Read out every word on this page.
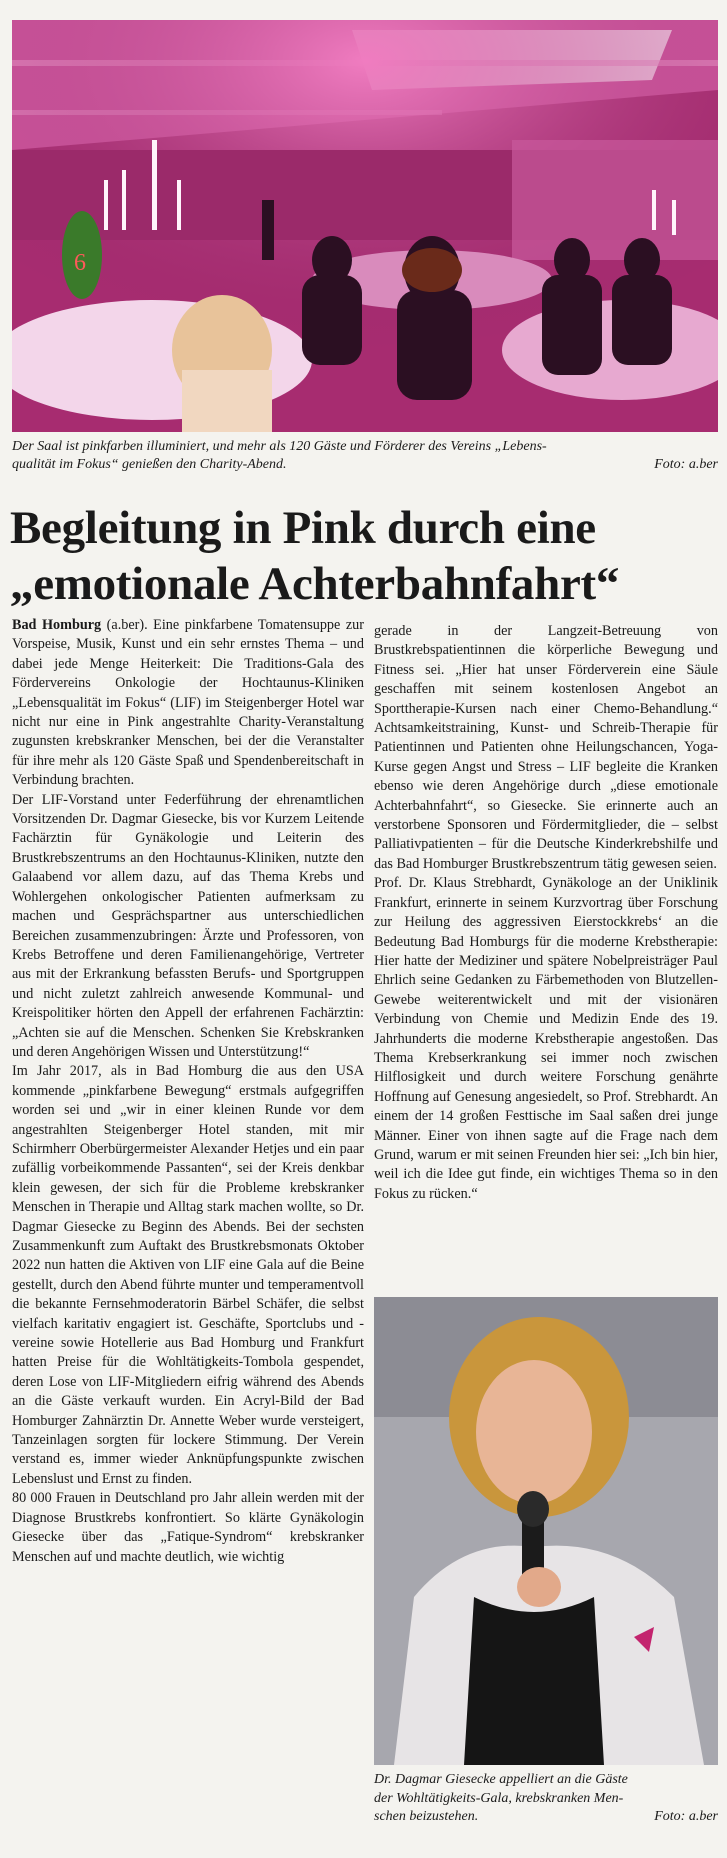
6
Der Saal ist pinkfarben illuminiert, und mehr als 120 Gäste und Förderer des Vereins „Lebens-
qualität im Fokus“ genießen den Charity-Abend.	Foto: a.ber
Begleitung in Pink durch eine
„emotionale Achterbahnfahrt“

Bad Homburg (a.ber). Eine pinkfarbene Tomatensuppe zur Vorspeise, Musik, Kunst und ein sehr ernstes Thema – und dabei jede Menge Heiterkeit: Die Traditions-Gala des Fördervereins Onkologie der Hochtaunus-Kliniken „Lebensqualität im Fokus“ (LIF) im Steigenberger Hotel war nicht nur eine in Pink angestrahlte Charity-Veranstaltung zugunsten krebskranker Menschen, bei der die Veranstalter für ihre mehr als 120 Gäste Spaß und Spendenbereitschaft in Verbindung brachten.

Der LIF-Vorstand unter Federführung der ehrenamtlichen Vorsitzenden Dr. Dagmar Giesecke, bis vor Kurzem Leitende Fachärztin für Gynäkologie und Leiterin des Brustkrebszentrums an den Hochtaunus-Kliniken, nutzte den Galaabend vor allem dazu, auf das Thema Krebs und Wohlergehen onkologischer Patienten aufmerksam zu machen und Gesprächspartner aus unterschiedlichen Bereichen zusammenzubringen: Ärzte und Professoren, von Krebs Betroffene und deren Familienangehörige, Vertreter aus mit der Erkrankung befassten Berufs- und Sportgruppen und nicht zuletzt zahlreich anwesende Kommunal- und Kreispolitiker hörten den Appell der erfahrenen Fachärztin: „Achten sie auf die Menschen. Schenken Sie Krebskranken und deren Angehörigen Wissen und Unterstützung!“

Im Jahr 2017, als in Bad Homburg die aus den USA kommende „pinkfarbene Bewegung“ erstmals aufgegriffen worden sei und „wir in einer kleinen Runde vor dem angestrahlten Steigenberger Hotel standen, mit mir Schirmherr Oberbürgermeister Alexander Hetjes und ein paar zufällig vorbeikommende Passanten“, sei der Kreis denkbar klein gewesen, der sich für die Probleme krebskranker Menschen in Therapie und Alltag stark machen wollte, so Dr. Dagmar Giesecke zu Beginn des Abends. Bei der sechsten Zusammenkunft zum Auftakt des Brustkrebsmonats Oktober 2022 nun hatten die Aktiven von LIF eine Gala auf die Beine gestellt, durch den Abend führte munter und temperamentvoll die bekannte Fernsehmoderatorin Bärbel Schäfer, die selbst vielfach karitativ engagiert ist. Geschäfte, Sportclubs und -vereine sowie Hotellerie aus Bad Homburg und Frankfurt hatten Preise für die Wohltätigkeits-Tombola gespendet, deren Lose von LIF-Mitgliedern eifrig während des Abends an die Gäste verkauft wurden. Ein Acryl-Bild der Bad Homburger Zahnärztin Dr. Annette Weber wurde versteigert, Tanzeinlagen sorgten für lockere Stimmung. Der Verein verstand es, immer wieder Anknüpfungspunkte zwischen Lebenslust und Ernst zu finden.

80 000 Frauen in Deutschland pro Jahr allein werden mit der Diagnose Brustkrebs konfrontiert. So klärte Gynäkologin Giesecke über das „Fatique-Syndrom“ krebskranker Menschen auf und machte deutlich, wie wichtig

gerade in der Langzeit-Betreuung von Brustkrebspatientinnen die körperliche Bewegung und Fitness sei. „Hier hat unser Förderverein eine Säule geschaffen mit seinem kostenlosen Angebot an Sporttherapie-Kursen nach einer Chemo-Behandlung.“ Achtsamkeitstraining, Kunst- und Schreib-Therapie für Patientinnen und Patienten ohne Heilungschancen, Yoga-Kurse gegen Angst und Stress – LIF begleite die Kranken ebenso wie deren Angehörige durch „diese emotionale Achterbahnfahrt“, so Giesecke. Sie erinnerte auch an verstorbene Sponsoren und Fördermitglieder, die – selbst Palliativpatienten – für die Deutsche Kinderkrebshilfe und das Bad Homburger Brustkrebszentrum tätig gewesen seien.

Prof. Dr. Klaus Strebhardt, Gynäkologe an der Uniklinik Frankfurt, erinnerte in seinem Kurzvortrag über Forschung zur Heilung des aggressiven Eierstockkrebs‘ an die Bedeutung Bad Homburgs für die moderne Krebstherapie: Hier hatte der Mediziner und spätere Nobelpreisträger Paul Ehrlich seine Gedanken zu Färbemethoden von Blutzellen-Gewebe weiterentwickelt und mit der visionären Verbindung von Chemie und Medizin Ende des 19. Jahrhunderts die moderne Krebstherapie angestoßen. Das Thema Krebserkrankung sei immer noch zwischen Hilflosigkeit und durch weitere Forschung genährte Hoffnung auf Genesung angesiedelt, so Prof. Strebhardt. An einem der 14 großen Festtische im Saal saßen drei junge Männer. Einer von ihnen sagte auf die Frage nach dem Grund, warum er mit seinen Freunden hier sei: „Ich bin hier, weil ich die Idee gut finde, ein wichtiges Thema so in den Fokus zu rücken.“

Dr. Dagmar Giesecke appelliert an die Gäste
der Wohltätigkeits-Gala, krebskranken Men-
schen beizustehen.	Foto: a.ber
